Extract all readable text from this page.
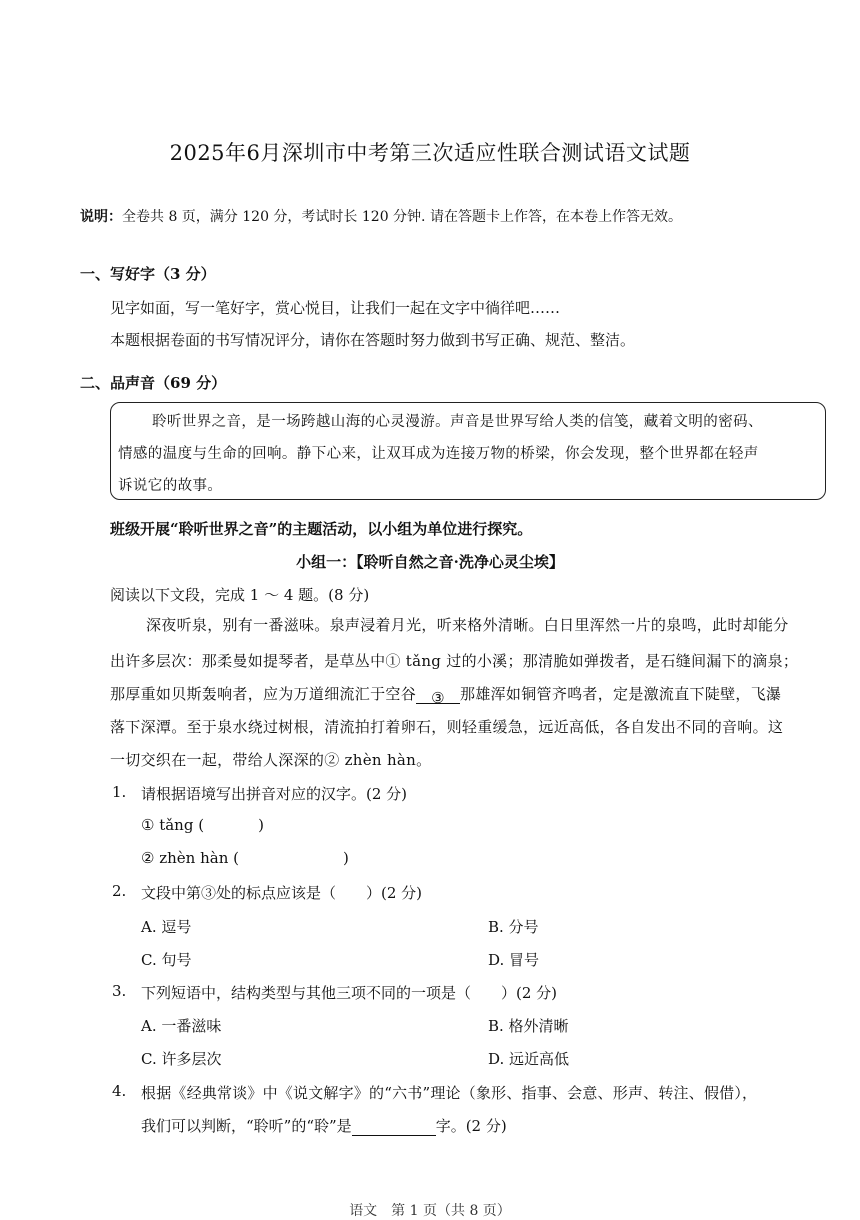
2025年6月深圳市中考第三次适应性联合测试语文试题
说明：全卷共 8 页，满分 120 分，考试时长 120 分钟. 请在答题卡上作答，在本卷上作答无效。
一、写好字（3 分）
见字如面，写一笔好字，赏心悦目，让我们一起在文字中徜徉吧……
本题根据卷面的书写情况评分，请你在答题时努力做到书写正确、规范、整洁。
二、品声音（69 分）
聆听世界之音，是一场跨越山海的心灵漫游。声音是世界写给人类的信笺，藏着文明的密码、
情感的温度与生命的回响。静下心来，让双耳成为连接万物的桥梁，你会发现，整个世界都在轻声
诉说它的故事。
班级开展“聆听世界之音”的主题活动，以小组为单位进行探究。
小组一：【聆听自然之音·洗净心灵尘埃】
阅读以下文段，完成 1 ～ 4 题。(8 分)
深夜听泉，别有一番滋味。泉声浸着月光，听来格外清晰。白日里浑然一片的泉鸣，此时却能分
出许多层次：那柔曼如提琴者，是草丛中① tǎng 过的小溪；那清脆如弹拨者，是石缝间漏下的滴泉；
那厚重如贝斯轰响者，应为万道细流汇于空谷 ③ 那雄浑如铜管齐鸣者，定是激流直下陡壁，飞瀑
落下深潭。至于泉水绕过树根，清流拍打着卵石，则轻重缓急，远近高低，各自发出不同的音响。这
一切交织在一起，带给人深深的② zhèn hàn。
1. 请根据语境写出拼音对应的汉字。(2 分)
① tǎng (	)
② zhèn hàn (	)
2. 文段中第③处的标点应该是（　　）(2 分)
A. 逗号	B. 分号
C. 句号	D. 冒号
3. 下列短语中，结构类型与其他三项不同的一项是（　　）(2 分)
A. 一番滋味	B. 格外清晰
C. 许多层次	D. 远近高低
4. 根据《经典常谈》中《说文解字》的“六书”理论（象形、指事、会意、形声、转注、假借），
我们可以判断，“聆听”的“聆”是	字。(2 分)
语文　第 1 页（共 8 页）
